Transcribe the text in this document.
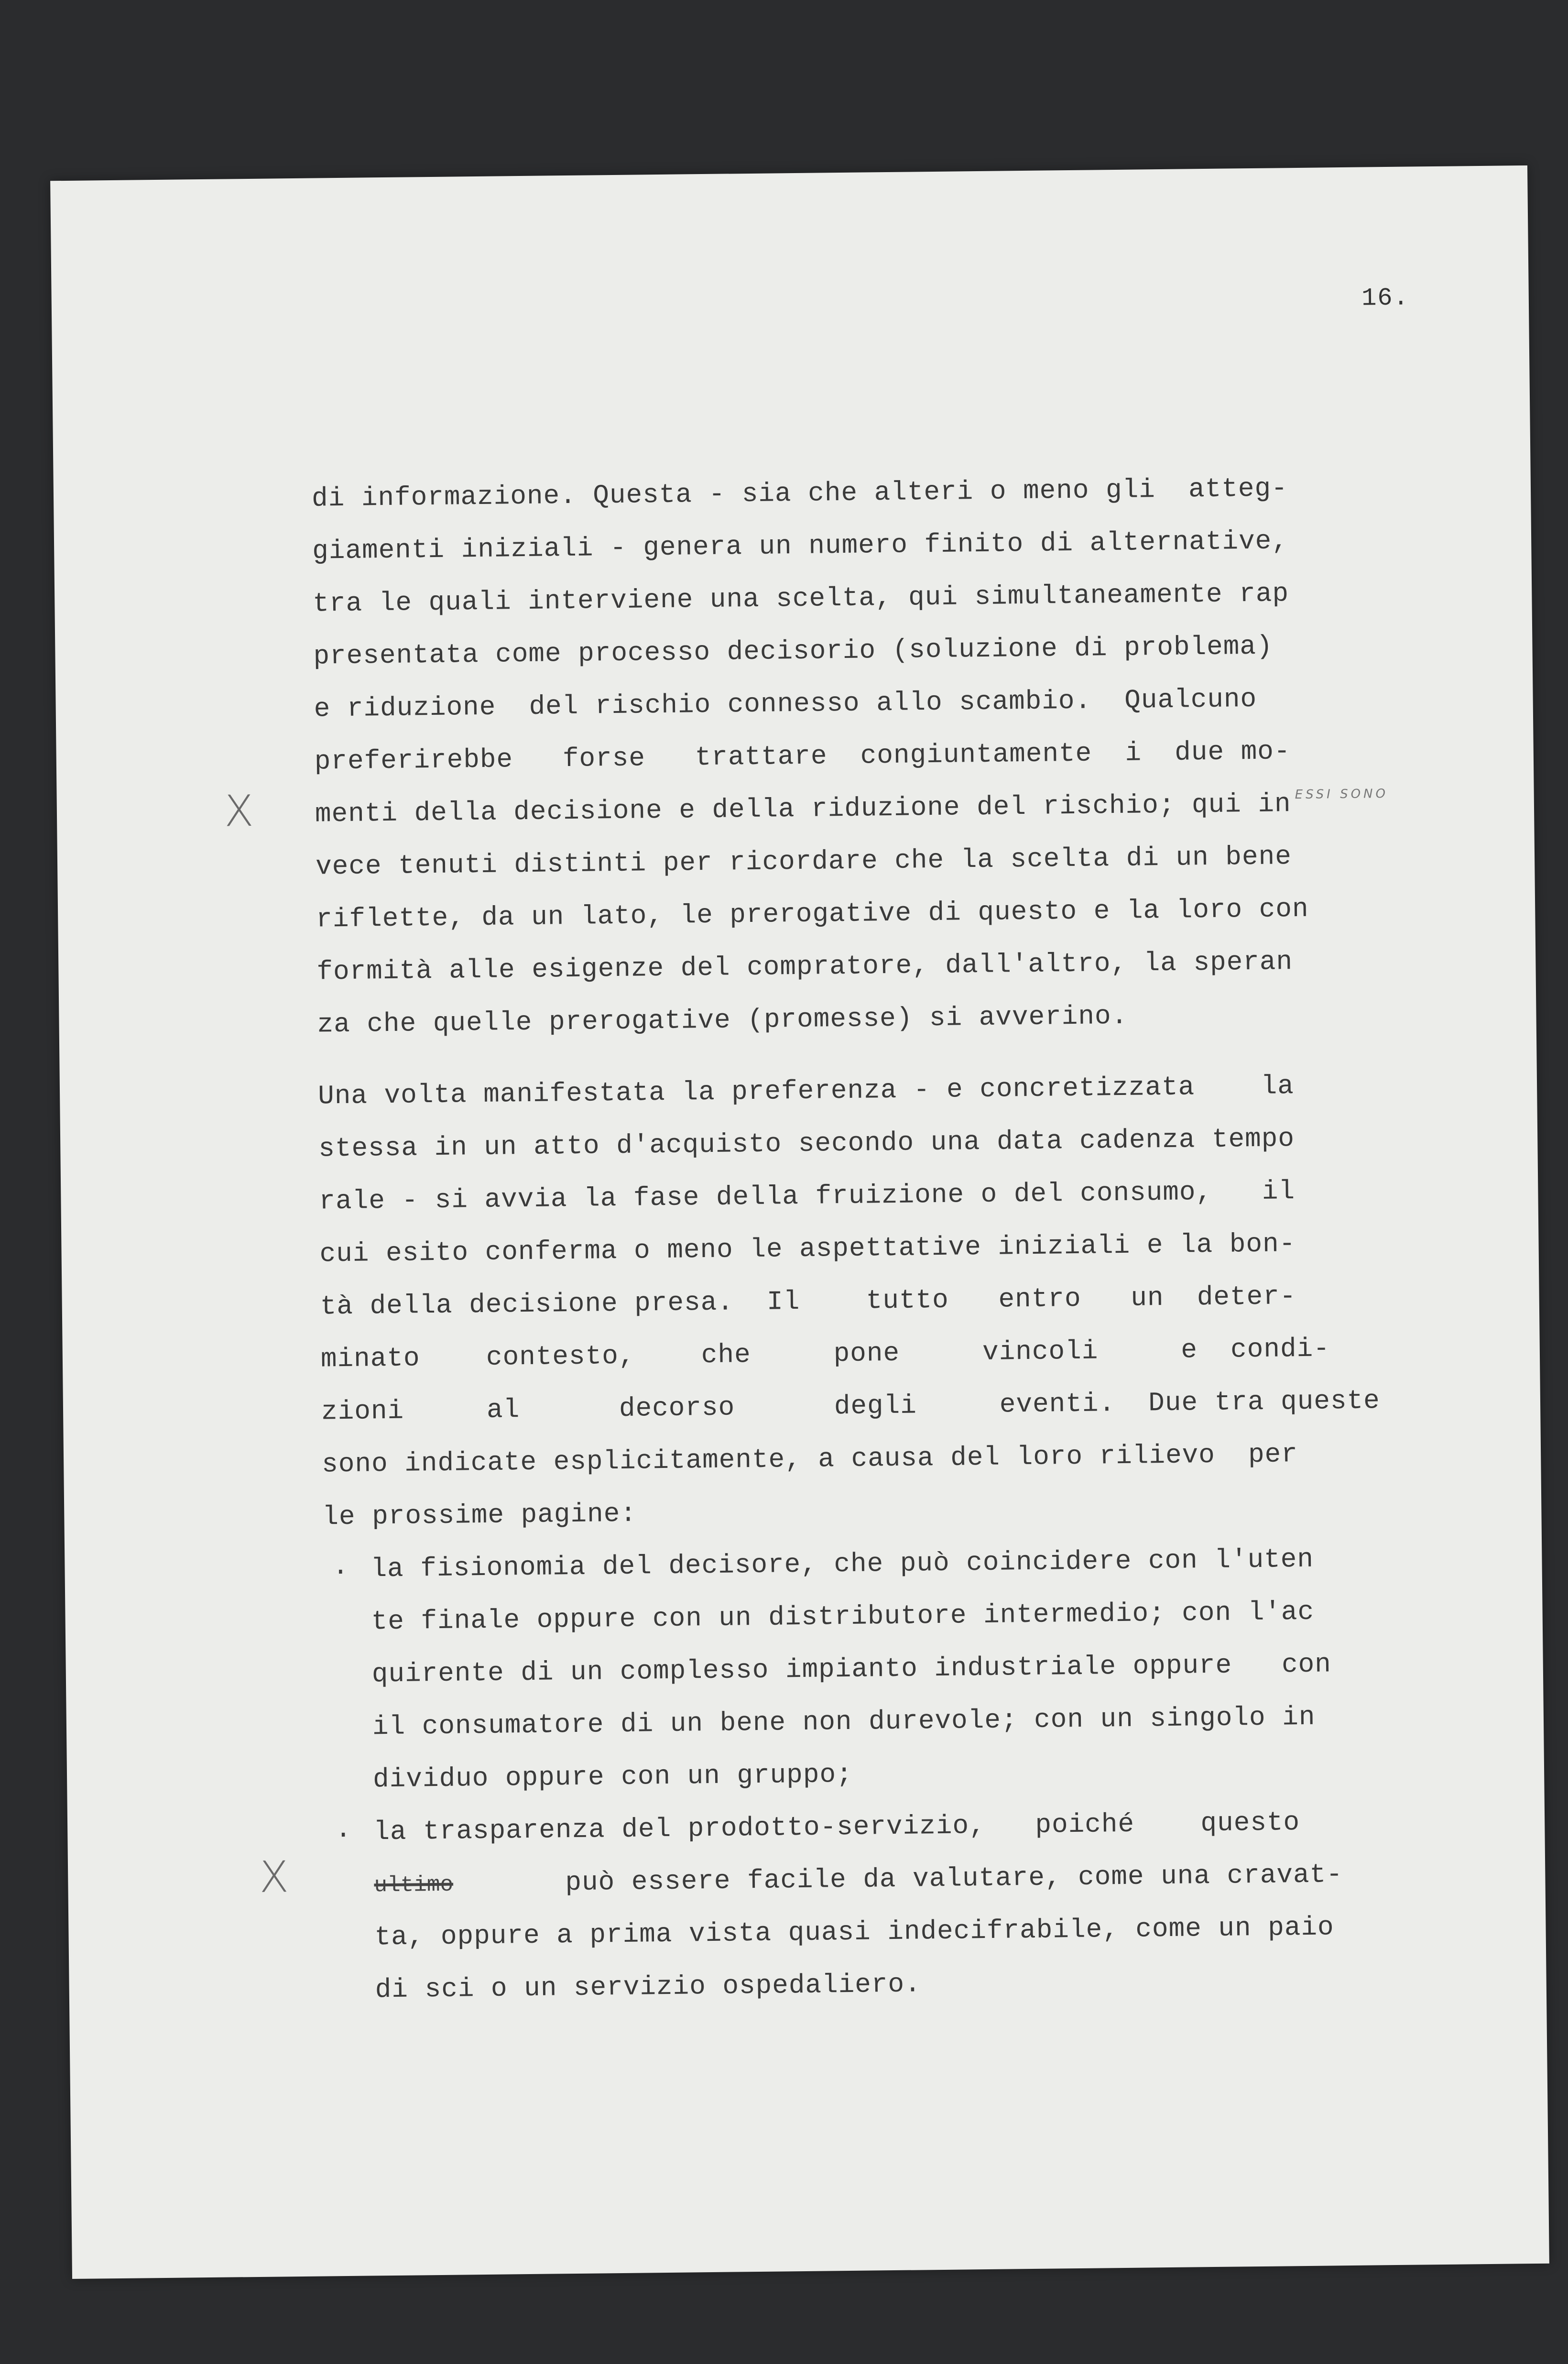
16.
di informazione. Questa - sia che alteri o meno gli  atteg-
giamenti iniziali - genera un numero finito di alternative,
tra le quali interviene una scelta, qui simultaneamente rap
presentata come processo decisorio (soluzione di problema)
e riduzione  del rischio connesso allo scambio.  Qualcuno
preferirebbe   forse   trattare  congiuntamente  i  due mo-
ESSI SONO
menti della decisione e della riduzione del rischio; qui in
vece tenuti distinti per ricordare che la scelta di un bene
riflette, da un lato, le prerogative di questo e la loro con
formità alle esigenze del compratore, dall'altro, la speran
za che quelle prerogative (promesse) si avverino.
Una volta manifestata la preferenza - e concretizzata    la
stessa in un atto d'acquisto secondo una data cadenza tempo
rale - si avvia la fase della fruizione o del consumo,   il
cui esito conferma o meno le aspettative iniziali e la bon-
tà della decisione presa.  Il    tutto   entro   un  deter-
minato    contesto,    che     pone     vincoli     e  condi-
zioni     al      decorso      degli     eventi.  Due tra queste
sono indicate esplicitamente, a causa del loro rilievo  per
le prossime pagine:
. la fisionomia del decisore, che può coincidere con l'uten
te finale oppure con un distributore intermedio; con l'ac
quirente di un complesso impianto industriale oppure   con
il consumatore di un bene non durevole; con un singolo in
dividuo oppure con un gruppo;
. la trasparenza del prodotto-servizio,   poiché    questo
ultimo	può essere facile da valutare, come una cravat-
ta, oppure a prima vista quasi indecifrabile, come un paio
di sci o un servizio ospedaliero.
X
X
